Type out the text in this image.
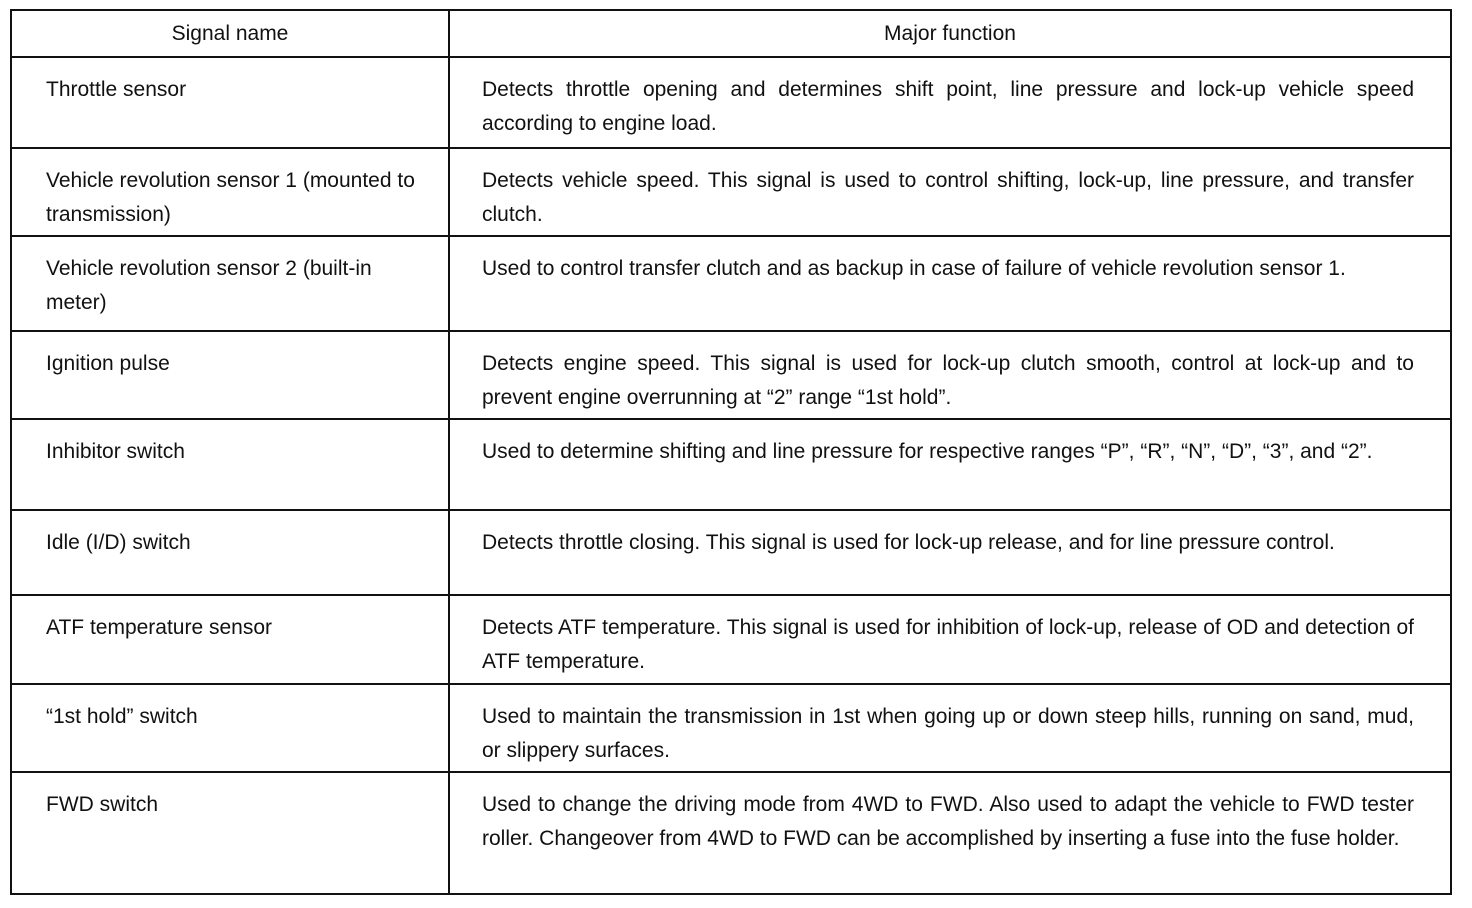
Signal name	Major function
Throttle sensor	Detects throttle opening and determines shift point, line pressure and lock-up vehicle speed according to engine load.
Vehicle revolution sensor 1 (mounted to transmission)	Detects vehicle speed. This signal is used to control shifting, lock-up, line pressure, and transfer clutch.
Vehicle revolution sensor 2 (built-in meter)	Used to control transfer clutch and as backup in case of failure of vehicle revolution sensor 1.
Ignition pulse	Detects engine speed. This signal is used for lock-up clutch smooth, control at lock-up and to prevent engine overrunning at “2” range “1st hold”.
Inhibitor switch	Used to determine shifting and line pressure for respective ranges “P”, “R”, “N”, “D”, “3”, and “2”.
Idle (I/D) switch	Detects throttle closing. This signal is used for lock-up release, and for line pressure control.
ATF temperature sensor	Detects ATF temperature. This signal is used for inhibition of lock-up, release of OD and detection of ATF temperature.
“1st hold” switch	Used to maintain the transmission in 1st when going up or down steep hills, running on sand, mud, or slippery surfaces.
FWD switch	Used to change the driving mode from 4WD to FWD. Also used to adapt the vehicle to FWD tester roller. Changeover from 4WD to FWD can be accomplished by inserting a fuse into the fuse holder.
